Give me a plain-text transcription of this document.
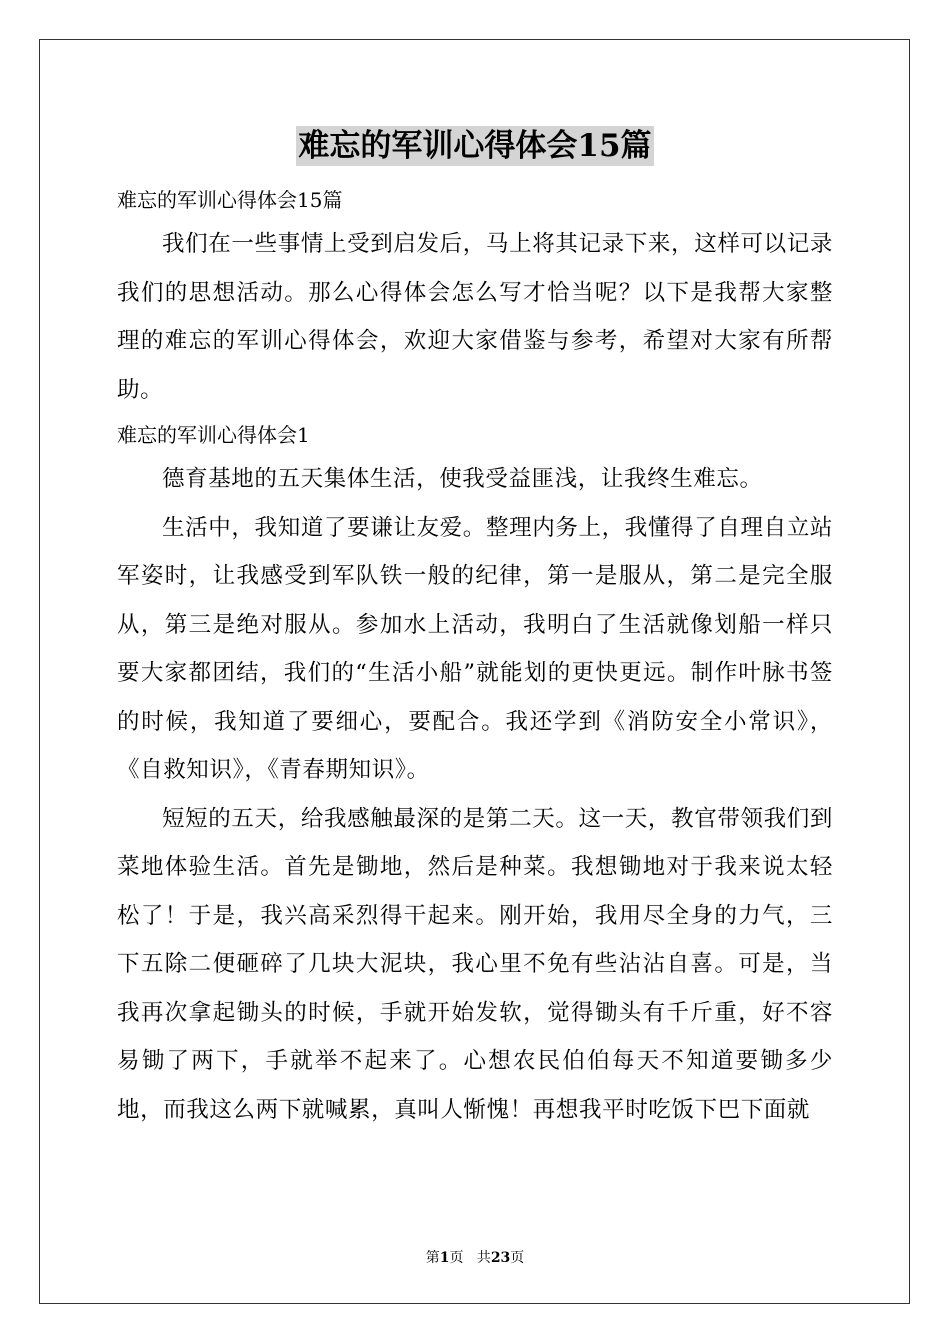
难忘的军训心得体会15篇

难忘的军训心得体会15篇

我们在一些事情上受到启发后，马上将其记录下来，这样可以记录我们的思想活动。那么心得体会怎么写才恰当呢？以下是我帮大家整理的难忘的军训心得体会，欢迎大家借鉴与参考，希望对大家有所帮助。

难忘的军训心得体会1

德育基地的五天集体生活，使我受益匪浅，让我终生难忘。

生活中，我知道了要谦让友爱。整理内务上，我懂得了自理自立站军姿时，让我感受到军队铁一般的纪律，第一是服从，第二是完全服从，第三是绝对服从。参加水上活动，我明白了生活就像划船一样只要大家都团结，我们的“生活小船”就能划的更快更远。制作叶脉书签的时候，我知道了要细心，要配合。我还学到《消防安全小常识》，《自救知识》，《青春期知识》。

短短的五天，给我感触最深的是第二天。这一天，教官带领我们到菜地体验生活。首先是锄地，然后是种菜。我想锄地对于我来说太轻松了！于是，我兴高采烈得干起来。刚开始，我用尽全身的力气，三下五除二便砸碎了几块大泥块，我心里不免有些沾沾自喜。可是，当我再次拿起锄头的时候，手就开始发软，觉得锄头有千斤重，好不容易锄了两下，手就举不起来了。心想农民伯伯每天不知道要锄多少地，而我这么两下就喊累，真叫人惭愧！再想我平时吃饭下巴下面就

第1页 共23页
